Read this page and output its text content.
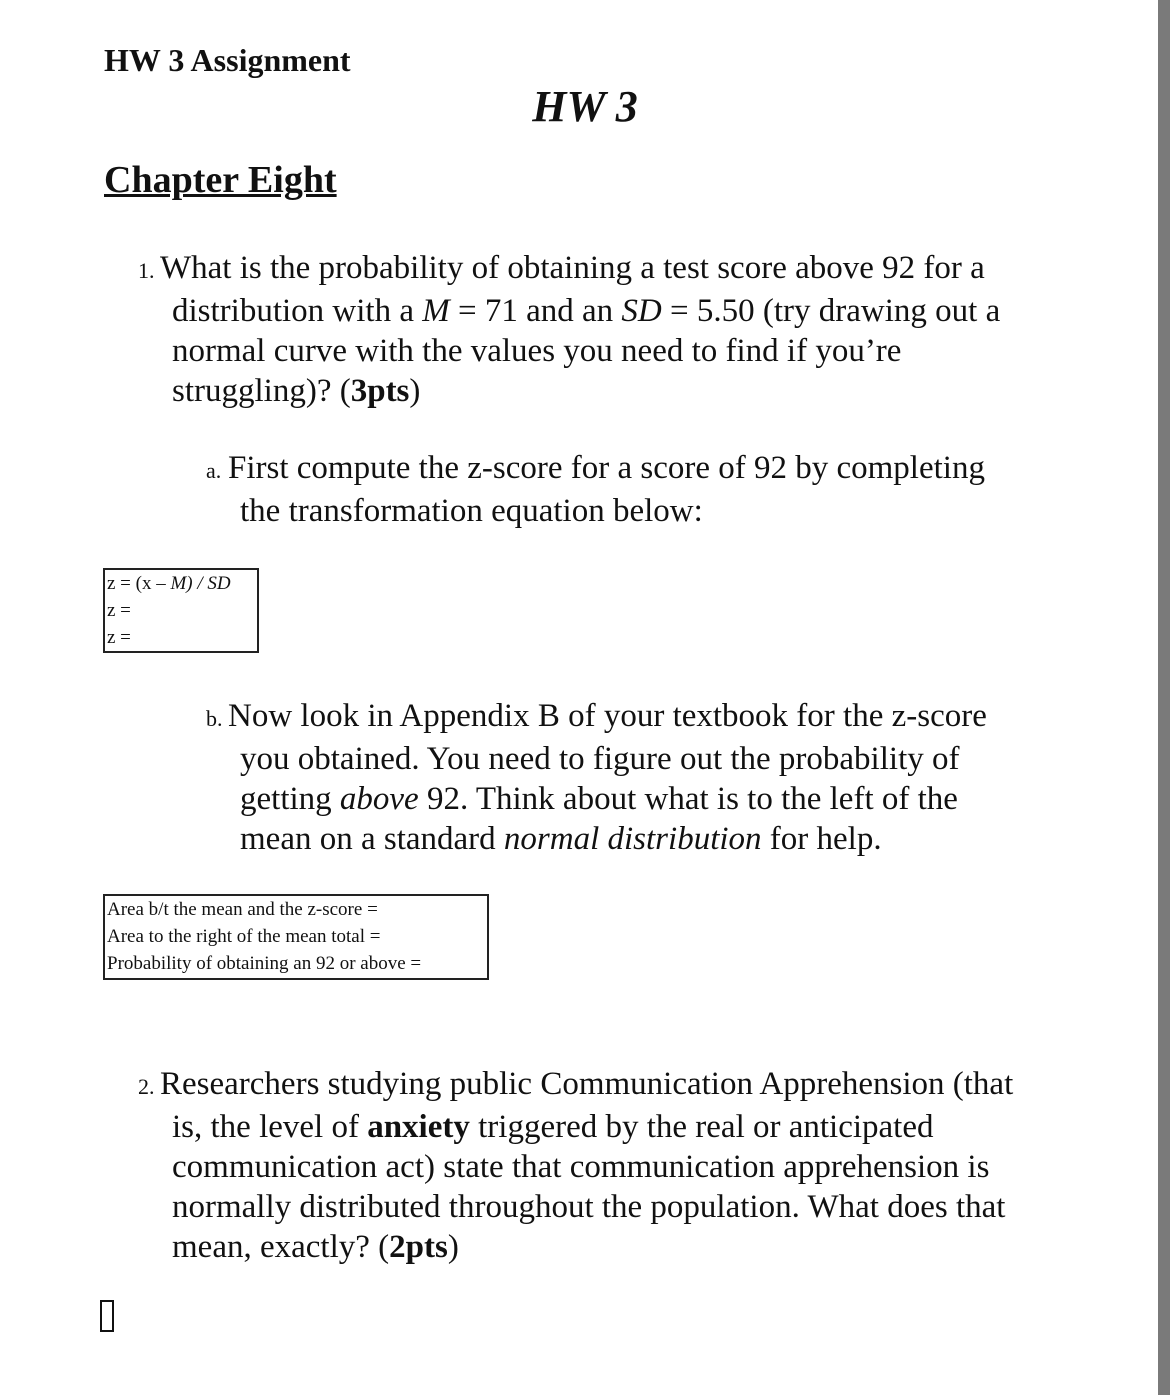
HW 3 Assignment
HW 3
Chapter Eight
1. What is the probability of obtaining a test score above 92 for a
distribution with a M = 71 and an SD = 5.50 (try drawing out a
normal curve with the values you need to find if you’re
struggling)? (3pts)
a. First compute the z-score for a score of 92 by completing
the transformation equation below:
z = (x – M) / SD
z =
z =
b. Now look in Appendix B of your textbook for the z-score
you obtained. You need to figure out the probability of
getting above 92. Think about what is to the left of the
mean on a standard normal distribution for help.
Area b/t the mean and the z-score =
Area to the right of the mean total =
Probability of obtaining an 92 or above =
2. Researchers studying public Communication Apprehension (that
is, the level of anxiety triggered by the real or anticipated
communication act) state that communication apprehension is
normally distributed throughout the population. What does that
mean, exactly? (2pts)
